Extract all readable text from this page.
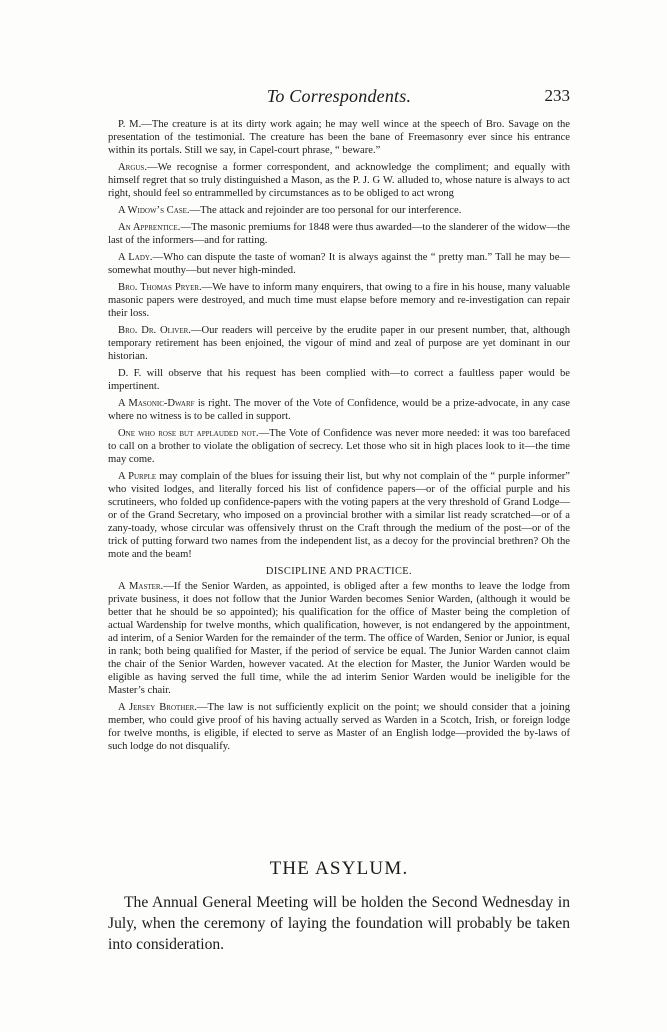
To Correspondents.	233

P. M.—The creature is at its dirty work again; he may well wince at the speech of Bro. Savage on the presentation of the testimonial. The creature has been the bane of Freemasonry ever since his entrance within its portals. Still we say, in Capel-court phrase, “ beware.”

Argus.—We recognise a former correspondent, and acknowledge the compliment; and equally with himself regret that so truly distinguished a Mason, as the P. J. G W. alluded to, whose nature is always to act right, should feel so entrammelled by circumstances as to be obliged to act wrong

A Widow’s Case.—The attack and rejoinder are too personal for our interference.

An Apprentice.—The masonic premiums for 1848 were thus awarded—to the slanderer of the widow—the last of the informers—and for ratting.

A Lady.—Who can dispute the taste of woman? It is always against the “ pretty man.” Tall he may be—somewhat mouthy—but never high-minded.

Bro. Thomas Pryer.—We have to inform many enquirers, that owing to a fire in his house, many valuable masonic papers were destroyed, and much time must elapse before memory and re-investigation can repair their loss.

Bro. Dr. Oliver.—Our readers will perceive by the erudite paper in our present number, that, although temporary retirement has been enjoined, the vigour of mind and zeal of purpose are yet dominant in our historian.

D. F. will observe that his request has been complied with—to correct a faultless paper would be impertinent.

A Masonic-Dwarf is right. The mover of the Vote of Confidence, would be a prize-advocate, in any case where no witness is to be called in support.

One who rose but applauded not.—The Vote of Confidence was never more needed: it was too barefaced to call on a brother to violate the obligation of secrecy. Let those who sit in high places look to it—the time may come.

A Purple may complain of the blues for issuing their list, but why not complain of the “ purple informer” who visited lodges, and literally forced his list of confidence papers—or of the official purple and his scrutineers, who folded up confidence-papers with the voting papers at the very threshold of Grand Lodge—or of the Grand Secretary, who imposed on a provincial brother with a similar list ready scratched—or of a zany-toady, whose circular was offensively thrust on the Craft through the medium of the post—or of the trick of putting forward two names from the independent list, as a decoy for the provincial brethren? Oh the mote and the beam!

DISCIPLINE AND PRACTICE.

A Master.—If the Senior Warden, as appointed, is obliged after a few months to leave the lodge from private business, it does not follow that the Junior Warden becomes Senior Warden, (although it would be better that he should be so appointed); his qualification for the office of Master being the completion of actual Wardenship for twelve months, which qualification, however, is not endangered by the appointment, ad interim, of a Senior Warden for the remainder of the term. The office of Warden, Senior or Junior, is equal in rank; both being qualified for Master, if the period of service be equal. The Junior Warden cannot claim the chair of the Senior Warden, however vacated. At the election for Master, the Junior Warden would be eligible as having served the full time, while the ad interim Senior Warden would be ineligible for the Master’s chair.

A Jersey Brother.—The law is not sufficiently explicit on the point; we should consider that a joining member, who could give proof of his having actually served as Warden in a Scotch, Irish, or foreign lodge for twelve months, is eligible, if elected to serve as Master of an English lodge—provided the by-laws of such lodge do not disqualify.

THE ASYLUM.

The Annual General Meeting will be holden the Second Wednesday in July, when the ceremony of laying the foundation will probably be taken into consideration.
